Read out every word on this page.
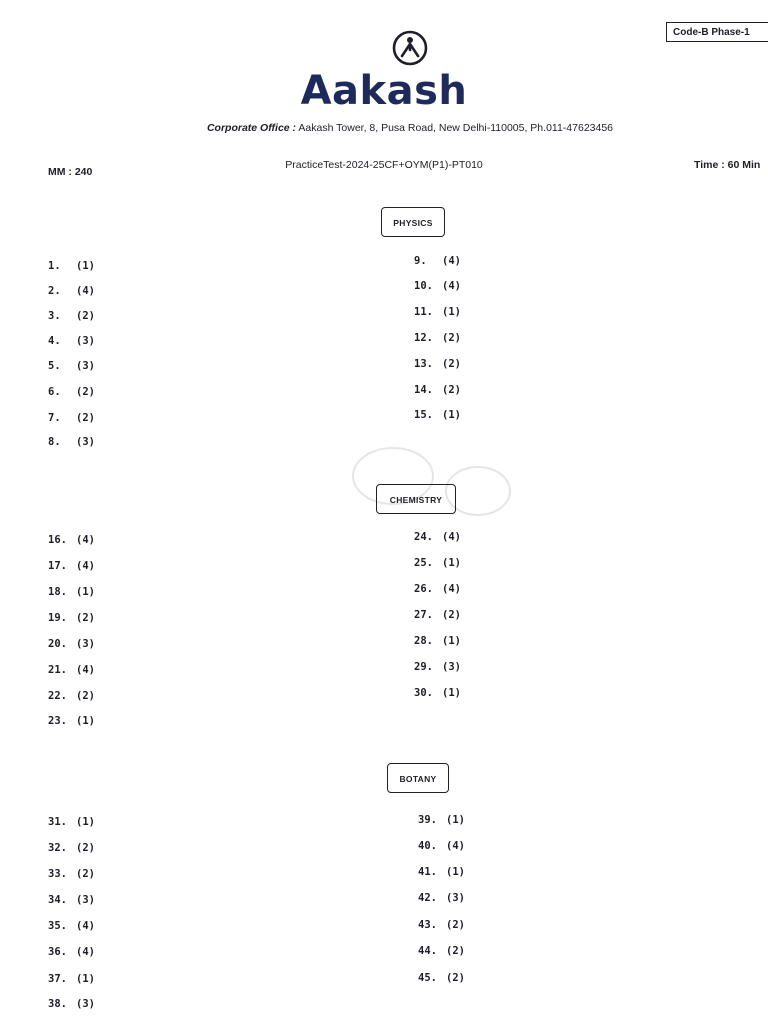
Code-B Phase-1
Aakash
Corporate Office : Aakash Tower, 8, Pusa Road, New Delhi-110005, Ph.011-47623456
MM : 240
PracticeTest-2024-25CF+OYM(P1)-PT010	Time : 60 Min
PHYSICS
1. (1)
2. (4)
3. (2)
4. (3)
5. (3)
6. (2)
7. (2)
8. (3)
9. (4)
10. (4)
11. (1)
12. (2)
13. (2)
14. (2)
15. (1)
CHEMISTRY
16. (4)
17. (4)
18. (1)
19. (2)
20. (3)
21. (4)
22. (2)
23. (1)
24. (4)
25. (1)
26. (4)
27. (2)
28. (1)
29. (3)
30. (1)
BOTANY
31. (1)
32. (2)
33. (2)
34. (3)
35. (4)
36. (4)
37. (1)
38. (3)
39. (1)
40. (4)
41. (1)
42. (3)
43. (2)
44. (2)
45. (2)
